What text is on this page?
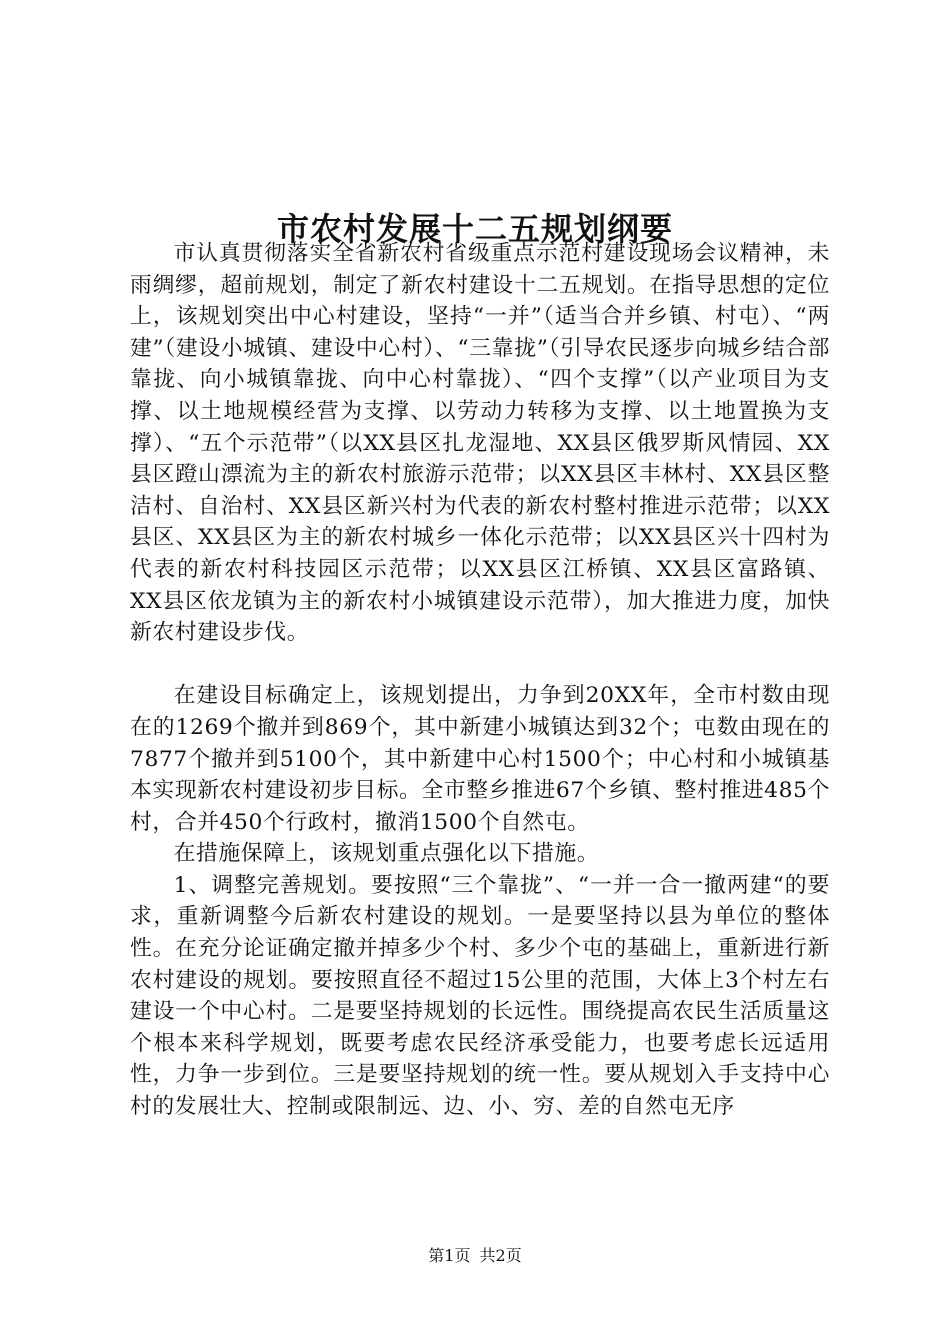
市农村发展十二五规划纲要

市认真贯彻落实全省新农村省级重点示范村建设现场会议精神，未雨绸缪，超前规划，制定了新农村建设十二五规划。在指导思想的定位上，该规划突出中心村建设，坚持“一并”（适当合并乡镇、村屯）、“两建”（建设小城镇、建设中心村）、“三靠拢”（引导农民逐步向城乡结合部靠拢、向小城镇靠拢、向中心村靠拢）、“四个支撑”（以产业项目为支撑、以土地规模经营为支撑、以劳动力转移为支撑、以土地置换为支撑）、“五个示范带”（以XX县区扎龙湿地、XX县区俄罗斯风情园、XX县区蹬山漂流为主的新农村旅游示范带；以XX县区丰林村、XX县区整洁村、自治村、XX县区新兴村为代表的新农村整村推进示范带；以XX县区、XX县区为主的新农村城乡一体化示范带；以XX县区兴十四村为代表的新农村科技园区示范带；以XX县区江桥镇、XX县区富路镇、XX县区依龙镇为主的新农村小城镇建设示范带），加大推进力度，加快新农村建设步伐。

在建设目标确定上，该规划提出，力争到20XX年，全市村数由现在的1269个撤并到869个，其中新建小城镇达到32个；屯数由现在的7877个撤并到5100个，其中新建中心村1500个；中心村和小城镇基本实现新农村建设初步目标。全市整乡推进67个乡镇、整村推进485个村，合并450个行政村，撤消1500个自然屯。

在措施保障上，该规划重点强化以下措施。

1、调整完善规划。要按照“三个靠拢”、“一并一合一撤两建“的要求，重新调整今后新农村建设的规划。一是要坚持以县为单位的整体性。在充分论证确定撤并掉多少个村、多少个屯的基础上，重新进行新农村建设的规划。要按照直径不超过15公里的范围，大体上3个村左右建设一个中心村。二是要坚持规划的长远性。围绕提高农民生活质量这个根本来科学规划，既要考虑农民经济承受能力，也要考虑长远适用性，力争一步到位。三是要坚持规划的统一性。要从规划入手支持中心村的发展壮大、控制或限制远、边、小、穷、差的自然屯无序

第1页 共2页
